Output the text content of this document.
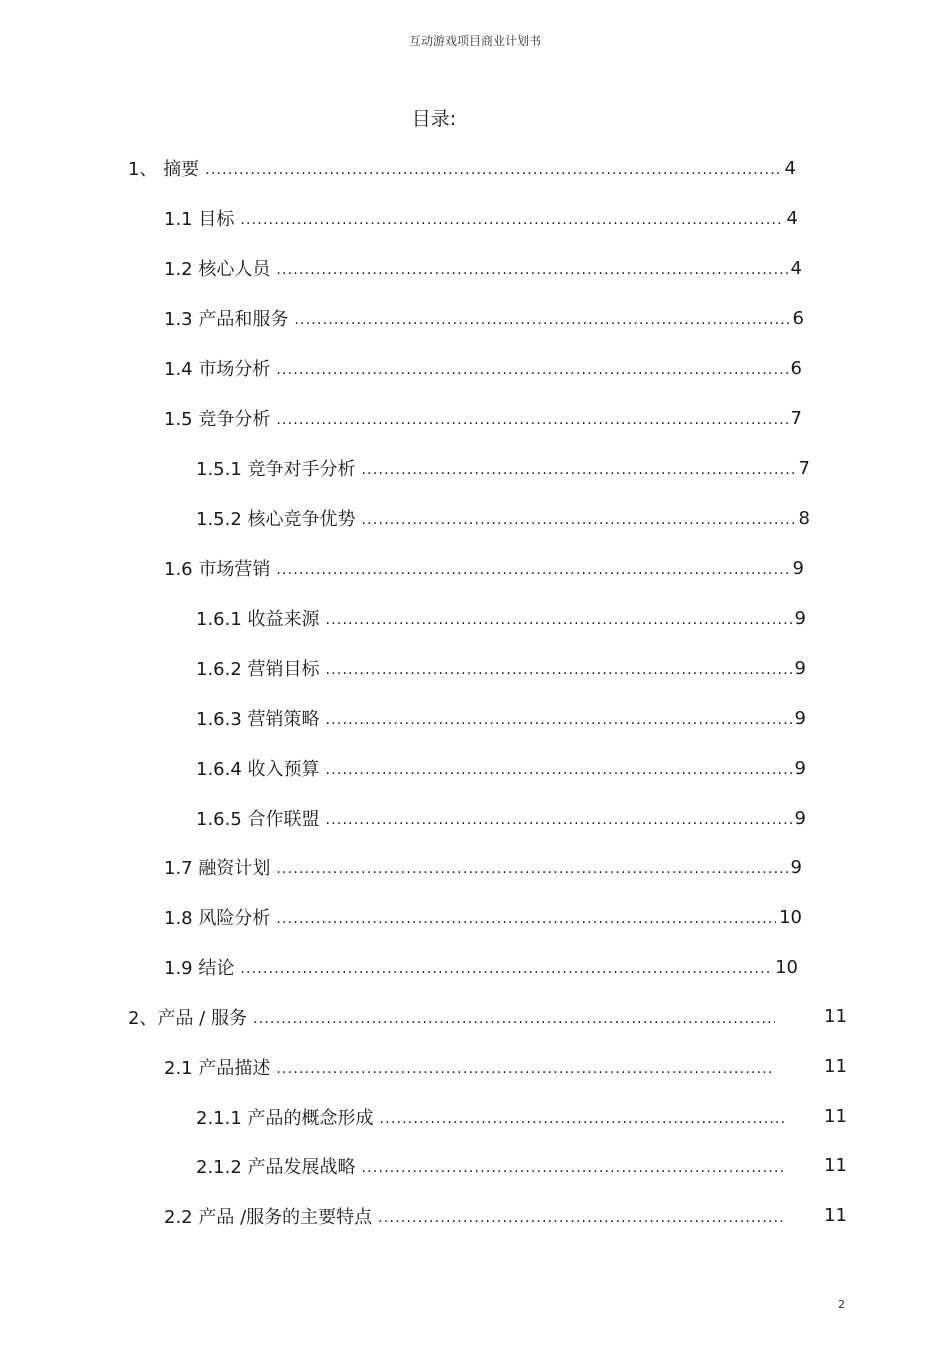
互动游戏项目商业计划书
目录:
1、 摘要 .....	4
1.1 目标 .....	4
1.2 核心人员 .....	4
1.3 产品和服务 .....	6
1.4 市场分析 .....	6
1.5 竞争分析 .....	7
1.5.1 竞争对手分析 .....	7
1.5.2 核心竞争优势 .....	8
1.6 市场营销 .....	9
1.6.1 收益来源 .....	9
1.6.2 营销目标 .....	9
1.6.3 营销策略 .....	9
1.6.4 收入预算 .....	9
1.6.5 合作联盟 .....	9
1.7 融资计划 .....	9
1.8 风险分析 .....	10
1.9 结论 .....	10
2、产品 / 服务 .....	11
2.1 产品描述 .....	11
2.1.1 产品的概念形成 .....	11
2.1.2 产品发展战略 .....	11
2.2 产品 /服务的主要特点 .....	11
2
